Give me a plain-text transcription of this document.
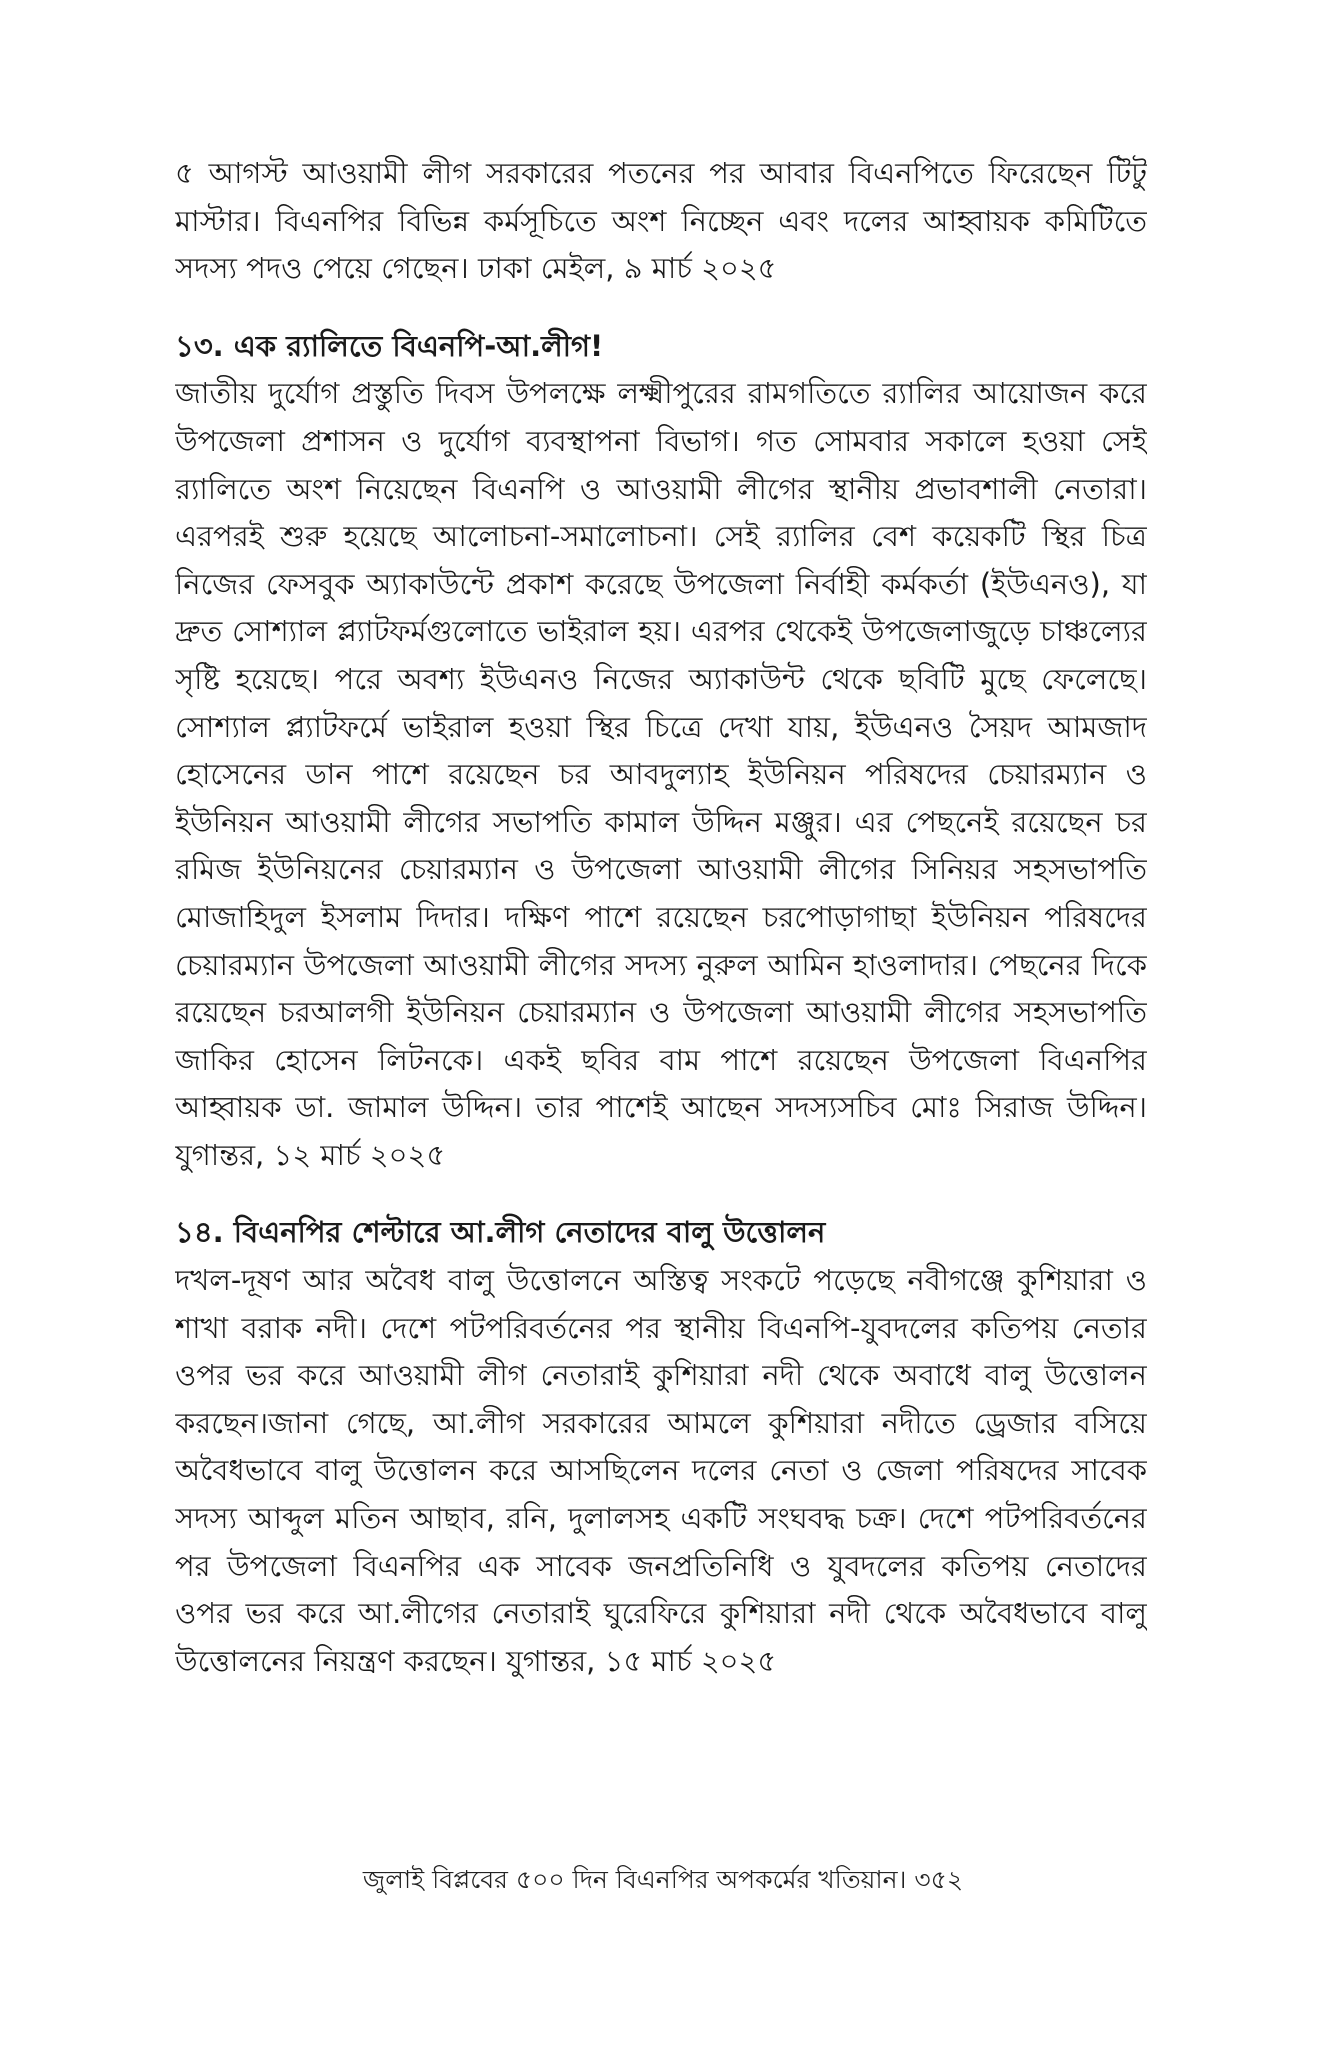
৫ আগস্ট আওয়ামী লীগ সরকারের পতনের পর আবার বিএনপিতে ফিরেছেন টিটু মাস্টার। বিএনপির বিভিন্ন কর্মসূচিতে অংশ নিচ্ছেন এবং দলের আহ্বায়ক কমিটিতে সদস্য পদও পেয়ে গেছেন। ঢাকা মেইল, ৯ মার্চ ২০২৫

১৩. এক র‌্যালিতে বিএনপি-আ.লীগ!

জাতীয় দুর্যোগ প্রস্তুতি দিবস উপলক্ষে লক্ষ্মীপুরের রামগতিতে র‌্যালির আয়োজন করে উপজেলা প্রশাসন ও দুর্যোগ ব্যবস্থাপনা বিভাগ। গত সোমবার সকালে হওয়া সেই র‌্যালিতে অংশ নিয়েছেন বিএনপি ও আওয়ামী লীগের স্থানীয় প্রভাবশালী নেতারা। এরপরই শুরু হয়েছে আলোচনা-সমালোচনা। সেই র‌্যালির বেশ কয়েকটি স্থির চিত্র নিজের ফেসবুক অ্যাকাউন্টে প্রকাশ করেছে উপজেলা নির্বাহী কর্মকর্তা (ইউএনও), যা দ্রুত সোশ্যাল প্ল্যাটফর্মগুলোতে ভাইরাল হয়। এরপর থেকেই উপজেলাজুড়ে চাঞ্চল্যের সৃষ্টি হয়েছে। পরে অবশ্য ইউএনও নিজের অ্যাকাউন্ট থেকে ছবিটি মুছে ফেলেছে। সোশ্যাল প্ল্যাটফর্মে ভাইরাল হওয়া স্থির চিত্রে দেখা যায়, ইউএনও সৈয়দ আমজাদ হোসেনের ডান পাশে রয়েছেন চর আবদুল্যাহ ইউনিয়ন পরিষদের চেয়ারম্যান ও ইউনিয়ন আওয়ামী লীগের সভাপতি কামাল উদ্দিন মঞ্জুর। এর পেছনেই রয়েছেন চর রমিজ ইউনিয়নের চেয়ারম্যান ও উপজেলা আওয়ামী লীগের সিনিয়র সহসভাপতি মোজাহিদুল ইসলাম দিদার। দক্ষিণ পাশে রয়েছেন চরপোড়াগাছা ইউনিয়ন পরিষদের চেয়ারম্যান উপজেলা আওয়ামী লীগের সদস্য নুরুল আমিন হাওলাদার। পেছনের দিকে রয়েছেন চরআলগী ইউনিয়ন চেয়ারম্যান ও উপজেলা আওয়ামী লীগের সহসভাপতি জাকির হোসেন লিটনকে। একই ছবির বাম পাশে রয়েছেন উপজেলা বিএনপির আহ্বায়ক ডা. জামাল উদ্দিন। তার পাশেই আছেন সদস্যসচিব মোঃ সিরাজ উদ্দিন। যুগান্তর, ১২ মার্চ ২০২৫

১৪. বিএনপির শেল্টারে আ.লীগ নেতাদের বালু উত্তোলন

দখল-দূষণ আর অবৈধ বালু উত্তোলনে অস্তিত্ব সংকটে পড়েছে নবীগঞ্জে কুশিয়ারা ও শাখা বরাক নদী। দেশে পটপরিবর্তনের পর স্থানীয় বিএনপি-যুবদলের কতিপয় নেতার ওপর ভর করে আওয়ামী লীগ নেতারাই কুশিয়ারা নদী থেকে অবাধে বালু উত্তোলন করছেন।জানা গেছে, আ.লীগ সরকারের আমলে কুশিয়ারা নদীতে ড্রেজার বসিয়ে অবৈধভাবে বালু উত্তোলন করে আসছিলেন দলের নেতা ও জেলা পরিষদের সাবেক সদস্য আব্দুল মতিন আছাব, রনি, দুলালসহ একটি সংঘবদ্ধ চক্র। দেশে পটপরিবর্তনের পর উপজেলা বিএনপির এক সাবেক জনপ্রতিনিধি ও যুবদলের কতিপয় নেতাদের ওপর ভর করে আ.লীগের নেতারাই ঘুরেফিরে কুশিয়ারা নদী থেকে অবৈধভাবে বালু উত্তোলনের নিয়ন্ত্রণ করছেন। যুগান্তর, ১৫ মার্চ ২০২৫

জুলাই বিপ্লবের ৫০০ দিন বিএনপির অপকর্মের খতিয়ান। ৩৫২
